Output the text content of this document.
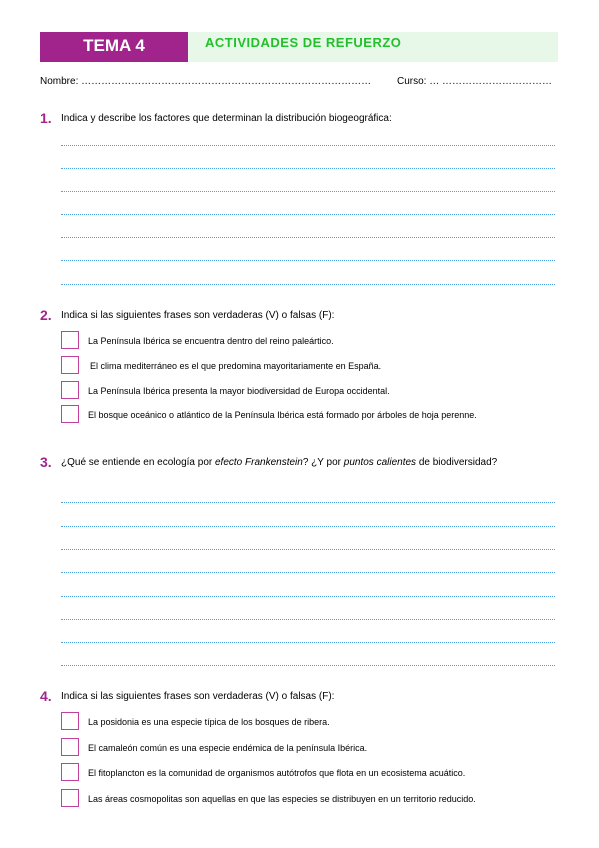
TEMA 4	ACTIVIDADES DE REFUERZO
Nombre: ……………………………………………………………………………	Curso: … ……………………………
1. Indica y describe los factores que determinan la distribución biogeográfica:
2. Indica si las siguientes frases son verdaderas (V) o falsas (F):
La Península Ibérica se encuentra dentro del reino paleártico.
El clima mediterráneo es el que predomina mayoritariamente en España.
La Península Ibérica presenta la mayor biodiversidad de Europa occidental.
El bosque oceánico o atlántico de la Península Ibérica está formado por árboles de hoja perenne.
3. ¿Qué se entiende en ecología por efecto Frankenstein? ¿Y por puntos calientes de biodiversidad?
4. Indica si las siguientes frases son verdaderas (V) o falsas (F):
La posidonia es una especie típica de los bosques de ribera.
El camaleón común es una especie endémica de la península Ibérica.
El fitoplancton es la comunidad de organismos autótrofos que flota en un ecosistema acuático.
Las áreas cosmopolitas son aquellas en que las especies se distribuyen en un territorio reducido.
